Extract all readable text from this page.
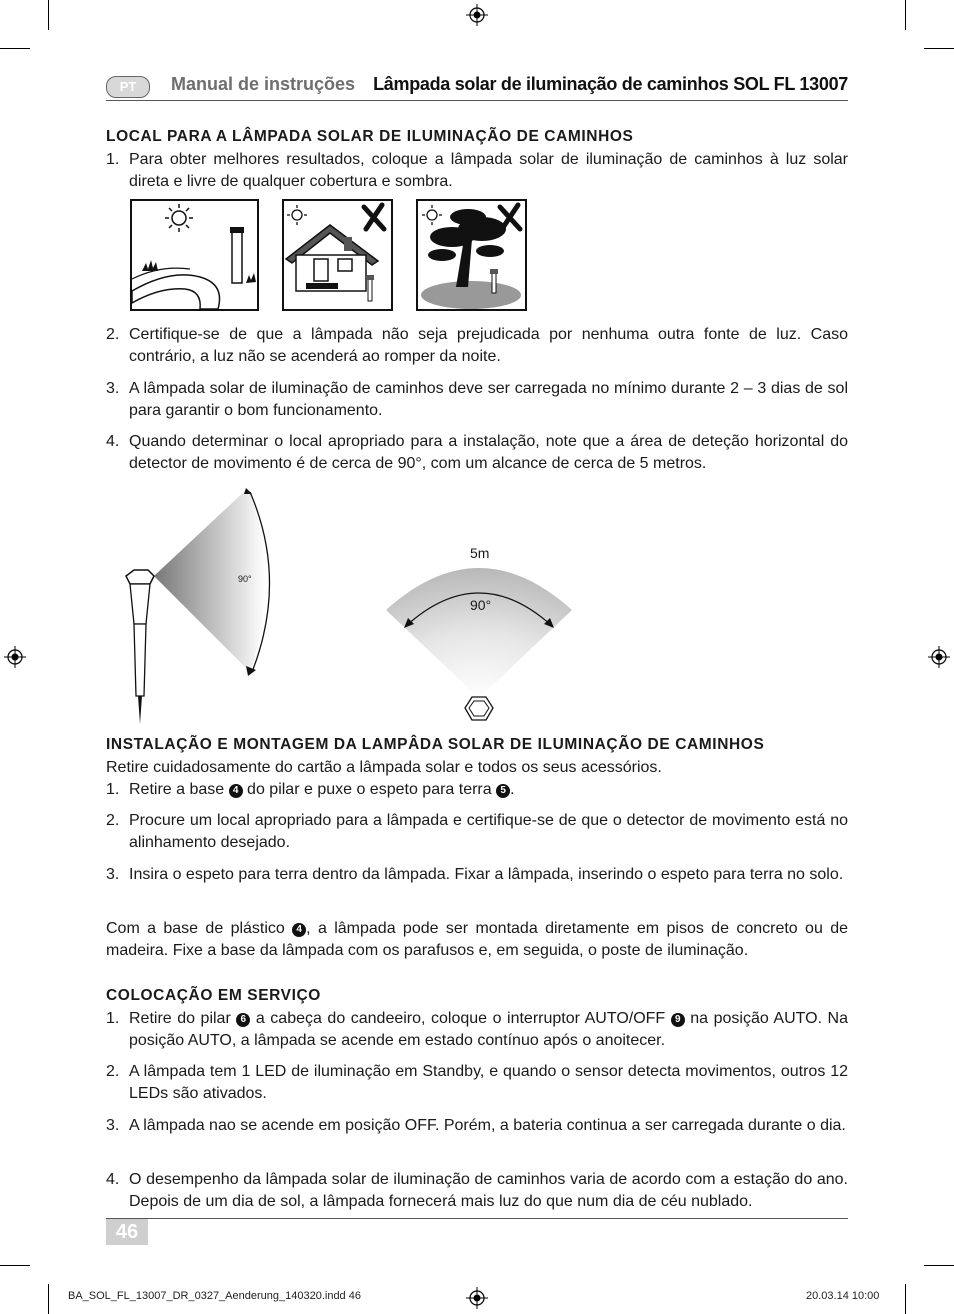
PT	Manual de instruções Lâmpada solar de iluminação de caminhos SOL FL 13007
LOCAL PARA A LÂMPADA SOLAR DE ILUMINAÇÃO DE CAMINHOS
1. Para obter melhores resultados, coloque a lâmpada solar de iluminação de caminhos à luz solar direta e livre de qualquer cobertura e sombra.
2. Certifique-se de que a lâmpada não seja prejudicada por nenhuma outra fonte de luz. Caso contrário, a luz não se acenderá ao romper da noite.
3. A lâmpada solar de iluminação de caminhos deve ser carregada no mínimo durante 2 – 3 dias de sol para garantir o bom funcionamento.
4. Quando determinar o local apropriado para a instalação, note que a área de deteção horizontal do detector de movimento é de cerca de 90°, com um alcance de cerca de 5 metros.
90°
5m
90°
INSTALAÇÃO E MONTAGEM DA LAMPÂDA SOLAR DE ILUMINAÇÃO DE CAMINHOS
Retire cuidadosamente do cartão a lâmpada solar e todos os seus acessórios.
1. Retire a base 4 do pilar e puxe o espeto para terra 5 .
2. Procure um local apropriado para a lâmpada e certifique-se de que o detector de movimento está no alinhamento desejado.
3. Insira o espeto para terra dentro da lâmpada. Fixar a lâmpada, inserindo o espeto para terra no solo.
Com a base de plástico 4 , a lâmpada pode ser montada diretamente em pisos de concreto ou de madeira. Fixe a base da lâmpada com os parafusos e, em seguida, o poste de iluminação.
COLOCAÇÃO EM SERVIÇO
1. Retire do pilar 6 a cabeça do candeeiro, coloque o interruptor AUTO/OFF 9 na posição AUTO. Na posição AUTO, a lâmpada se acende em estado contínuo após o anoitecer.
2. A lâmpada tem 1 LED de iluminação em Standby, e quando o sensor detecta movimentos, outros 12 LEDs são ativados.
3. A lâmpada nao se acende em posição OFF. Porém, a bateria continua a ser carregada durante o dia.
4. O desempenho da lâmpada solar de iluminação de caminhos varia de acordo com a estação do ano. Depois de um dia de sol, a lâmpada fornecerá mais luz do que num dia de céu nublado.
46
BA_SOL_FL_13007_DR_0327_Aenderung_140320.indd 46	20.03.14 10:00
